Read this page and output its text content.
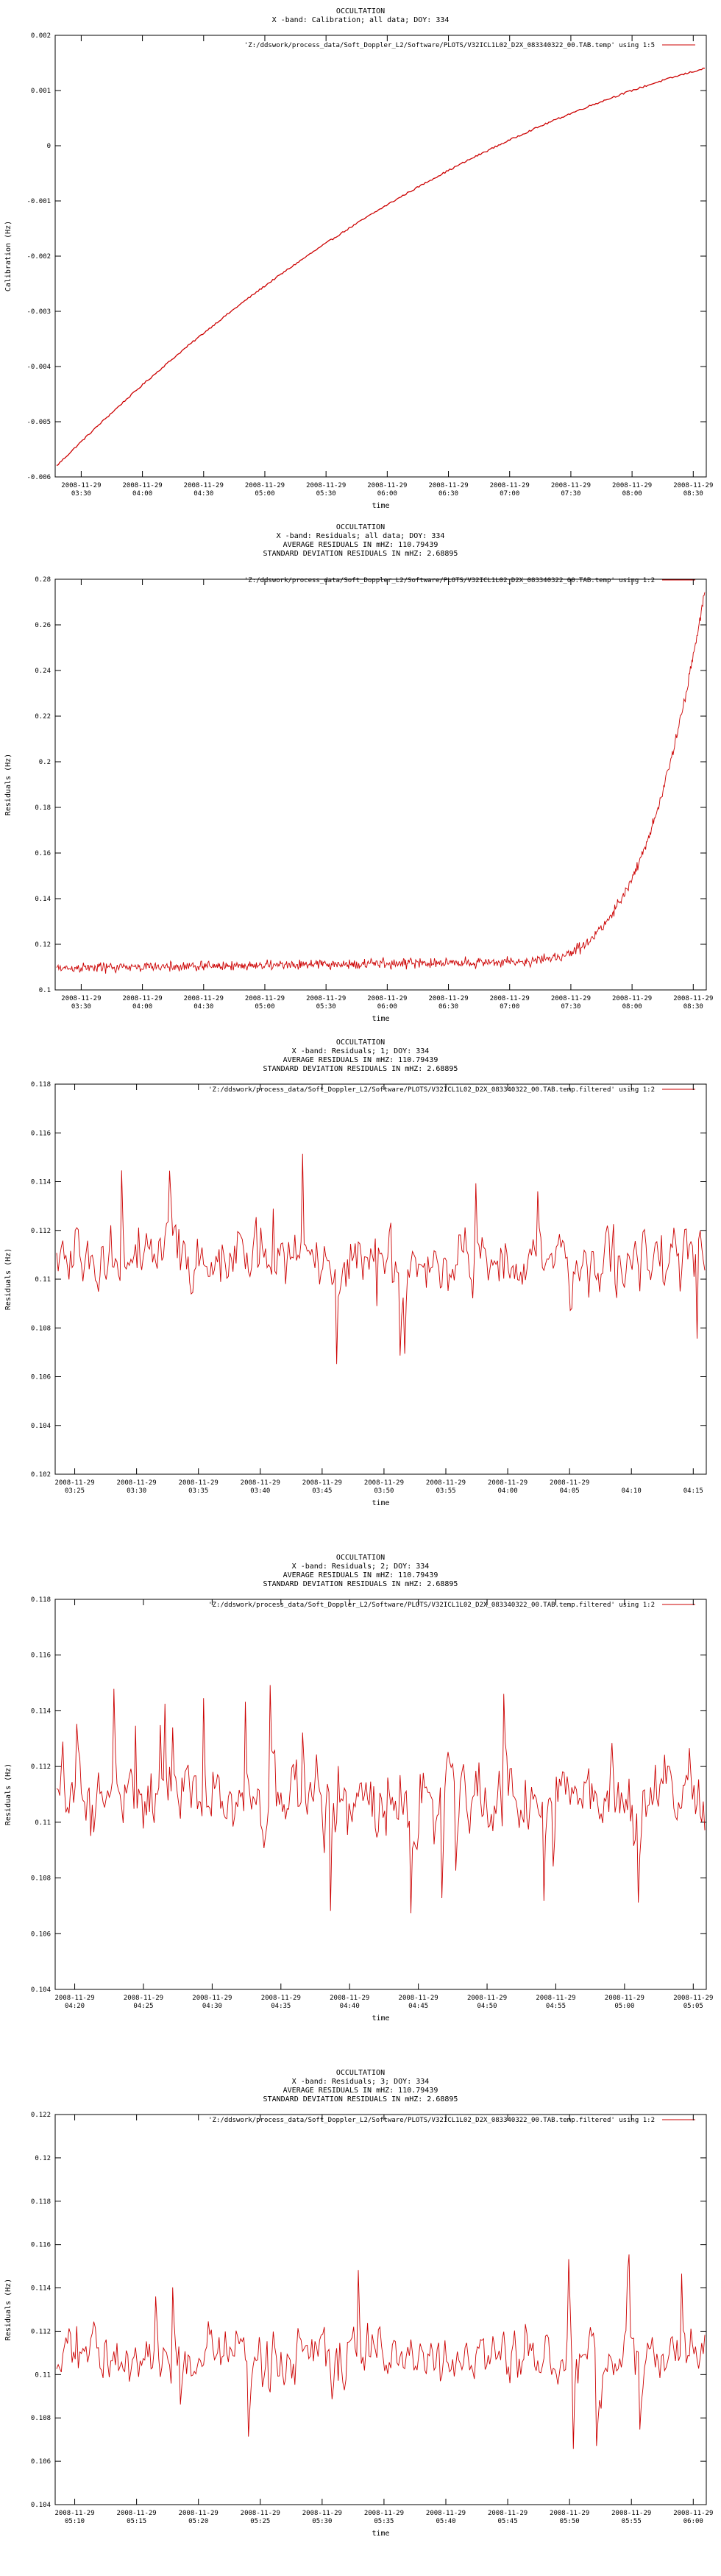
OCCULTATION
X -band: Calibration; all data; DOY: 334
'Z:/ddswork/process_data/Soft_Doppler_L2/Software/PLOTS/V32ICL1L02_D2X_083340322_00.TAB.temp' using 1:5
0.002
0.001
0
-0.001
-0.002
-0.003
-0.004
-0.005
-0.006
Calibration (Hz)
2008-11-29
03:30
2008-11-29
04:00
2008-11-29
04:30
2008-11-29
05:00
2008-11-29
05:30
2008-11-29
06:00
2008-11-29
06:30
2008-11-29
07:00
2008-11-29
07:30
2008-11-29
08:00
2008-11-29
08:30
time
OCCULTATION
X -band: Residuals; all data; DOY: 334
AVERAGE RESIDUALS IN mHZ: 110.79439
STANDARD DEVIATION RESIDUALS IN mHZ: 2.68895
'Z:/ddswork/process_data/Soft_Doppler_L2/Software/PLOTS/V32ICL1L02_D2X_083340322_00.TAB.temp' using 1:2
0.28
0.26
0.24
0.22
0.2
0.18
0.16
0.14
0.12
0.1
Residuals (Hz)
2008-11-29
03:30
2008-11-29
04:00
2008-11-29
04:30
2008-11-29
05:00
2008-11-29
05:30
2008-11-29
06:00
2008-11-29
06:30
2008-11-29
07:00
2008-11-29
07:30
2008-11-29
08:00
2008-11-29
08:30
time
OCCULTATION
X -band: Residuals; 1; DOY: 334
AVERAGE RESIDUALS IN mHZ: 110.79439
STANDARD DEVIATION RESIDUALS IN mHZ: 2.68895
'Z:/ddswork/process_data/Soft_Doppler_L2/Software/PLOTS/V32ICL1L02_D2X_083340322_00.TAB.temp.filtered' using 1:2
0.118
0.116
0.114
0.112
0.11
0.108
0.106
0.104
0.102
Residuals (Hz)
2008-11-29
03:25
2008-11-29
03:30
2008-11-29
03:35
2008-11-29
03:40
2008-11-29
03:45
2008-11-29
03:50
2008-11-29
03:55
2008-11-29
04:00
2008-11-29
04:05	04:10	04:15
time
OCCULTATION
X -band: Residuals; 2; DOY: 334
AVERAGE RESIDUALS IN mHZ: 110.79439
STANDARD DEVIATION RESIDUALS IN mHZ: 2.68895
'Z:/ddswork/process_data/Soft_Doppler_L2/Software/PLOTS/V32ICL1L02_D2X_083340322_00.TAB.temp.filtered' using 1:2
0.118
0.116
0.114
0.112
0.11
0.108
0.106
0.104
Residuals (Hz)
2008-11-29
04:20
2008-11-29
04:25
2008-11-29
04:30
2008-11-29
04:35
2008-11-29
04:40
2008-11-29
04:45
2008-11-29
04:50
2008-11-29
04:55
2008-11-29
05:00
2008-11-29
05:05
time
OCCULTATION
X -band: Residuals; 3; DOY: 334
AVERAGE RESIDUALS IN mHZ: 110.79439
STANDARD DEVIATION RESIDUALS IN mHZ: 2.68895
'Z:/ddswork/process_data/Soft_Doppler_L2/Software/PLOTS/V32ICL1L02_D2X_083340322_00.TAB.temp.filtered' using 1:2
0.122
0.12
0.118
0.116
0.114
0.112
0.11
0.108
0.106
0.104
Residuals (Hz)
2008-11-29
05:10
2008-11-29
05:15
2008-11-29
05:20
2008-11-29
05:25
2008-11-29
05:30
2008-11-29
05:35
2008-11-29
05:40
2008-11-29
05:45
2008-11-29
05:50
2008-11-29
05:55
2008-11-29
06:00
time
